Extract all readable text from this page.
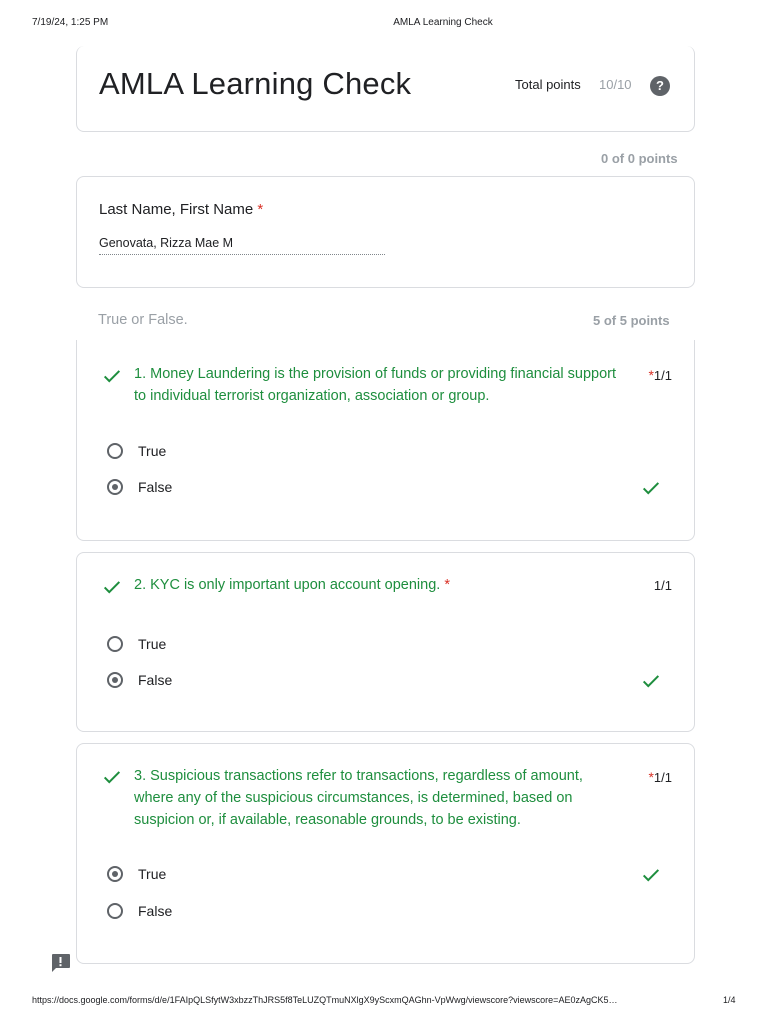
7/19/24, 1:25 PM	AMLA Learning Check
AMLA Learning Check	Total points 10/10	?
0 of 0 points
Last Name, First Name *
Genovata, Rizza Mae M
True or False.	5 of 5 points
1. Money Laundering is the provision of funds or providing financial support to individual terrorist organization, association or group.
*1/1
True
False
2. KYC is only important upon account opening. *	1/1
True
False
3. Suspicious transactions refer to transactions, regardless of amount, where any of the suspicious circumstances, is determined, based on suspicion or, if available, reasonable grounds, to be existing.
*1/1
True
False
https://docs.google.com/forms/d/e/1FAIpQLSfytW3xbzzThJRS5f8TeLUZQTmuNXlgX9yScxmQAGhn-VpWwg/viewscore?viewscore=AE0zAgCK5…	1/4
